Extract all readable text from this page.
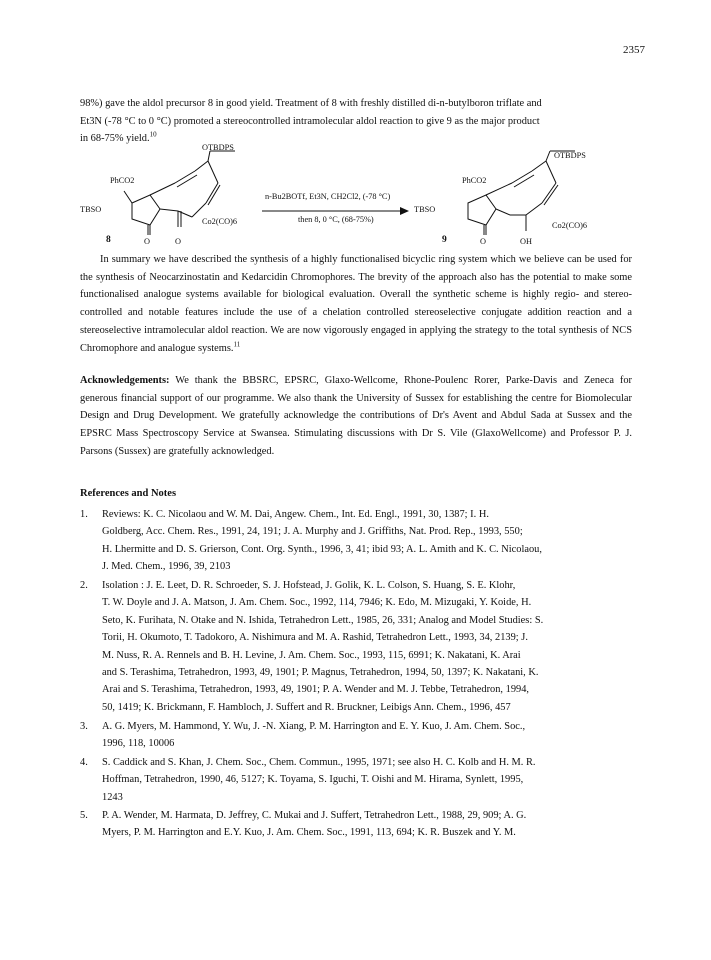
2357
98%) gave the aldol precursor 8 in good yield. Treatment of 8 with freshly distilled di-n-butylboron triflate and
Et3N (-78 °C to 0 °C) promoted a stereocontrolled intramolecular aldol reaction to give 9 as the major product
in 68-75% yield.$^{10}$
OTBDPS
PhCO2
TBSO
Co2(CO)6
8	O	O
n-Bu2BOTf, Et3N, CH2Cl2, (-78 °C)
then 8, 0 °C, (68-75%)
OTBDPS
PhCO2
TBSO
Co2(CO)6
9	O	OH
In summary we have described the synthesis of a highly functionalised bicyclic ring system which we believe can be used for the synthesis of Neocarzinostatin and Kedarcidin Chromophores. The brevity of the approach also has the potential to make some functionalised analogue systems available for biological evaluation. Overall the synthetic scheme is highly regio- and stereo-controlled and notable features include the use of a chelation controlled stereoselective conjugate addition reaction and a stereoselective intramolecular aldol reaction. We are now vigorously engaged in applying the strategy to the total synthesis of NCS Chromophore and analogue systems.$^{11}$
Acknowledgements: We thank the BBSRC, EPSRC, Glaxo-Wellcome, Rhone-Poulenc Rorer, Parke-Davis and Zeneca for generous financial support of our programme. We also thank the University of Sussex for establishing the centre for Biomolecular Design and Drug Development. We gratefully acknowledge the contributions of Dr's Avent and Abdul Sada at Sussex and the EPSRC Mass Spectroscopy Service at Swansea. Stimulating discussions with Dr S. Vile (GlaxoWellcome) and Professor P. J. Parsons (Sussex) are gratefully acknowledged.
References and Notes
1.	Reviews: K. C. Nicolaou and W. M. Dai, Angew. Chem., Int. Ed. Engl., 1991, 30, 1387; I. H.
Goldberg, Acc. Chem. Res., 1991, 24, 191; J. A. Murphy and J. Griffiths, Nat. Prod. Rep., 1993, 550;
H. Lhermitte and D. S. Grierson, Cont. Org. Synth., 1996, 3, 41; ibid 93; A. L. Amith and K. C. Nicolaou,
J. Med. Chem., 1996, 39, 2103
2.	Isolation : J. E. Leet, D. R. Schroeder, S. J. Hofstead, J. Golik, K. L. Colson, S. Huang, S. E. Klohr,
T. W. Doyle and J. A. Matson, J. Am. Chem. Soc., 1992, 114, 7946; K. Edo, M. Mizugaki, Y. Koide, H.
Seto, K. Furihata, N. Otake and N. Ishida, Tetrahedron Lett., 1985, 26, 331; Analog and Model Studies: S.
Torii, H. Okumoto, T. Tadokoro, A. Nishimura and M. A. Rashid, Tetrahedron Lett., 1993, 34, 2139; J.
M. Nuss, R. A. Rennels and B. H. Levine, J. Am. Chem. Soc., 1993, 115, 6991; K. Nakatani, K. Arai
and S. Terashima, Tetrahedron, 1993, 49, 1901; P. Magnus, Tetrahedron, 1994, 50, 1397; K. Nakatani, K.
Arai and S. Terashima, Tetrahedron, 1993, 49, 1901; P. A. Wender and M. J. Tebbe, Tetrahedron, 1994,
50, 1419; K. Brickmann, F. Hambloch, J. Suffert and R. Bruckner, Leibigs Ann. Chem., 1996, 457
3.	A. G. Myers, M. Hammond, Y. Wu, J. -N. Xiang, P. M. Harrington and E. Y. Kuo, J. Am. Chem. Soc.,
1996, 118, 10006
4.	S. Caddick and S. Khan, J. Chem. Soc., Chem. Commun., 1995, 1971; see also H. C. Kolb and H. M. R.
Hoffman, Tetrahedron, 1990, 46, 5127; K. Toyama, S. Iguchi, T. Oishi and M. Hirama, Synlett, 1995,
1243
5.	P. A. Wender, M. Harmata, D. Jeffrey, C. Mukai and J. Suffert, Tetrahedron Lett., 1988, 29, 909; A. G.
Myers, P. M. Harrington and E.Y. Kuo, J. Am. Chem. Soc., 1991, 113, 694; K. R. Buszek and Y. M.
